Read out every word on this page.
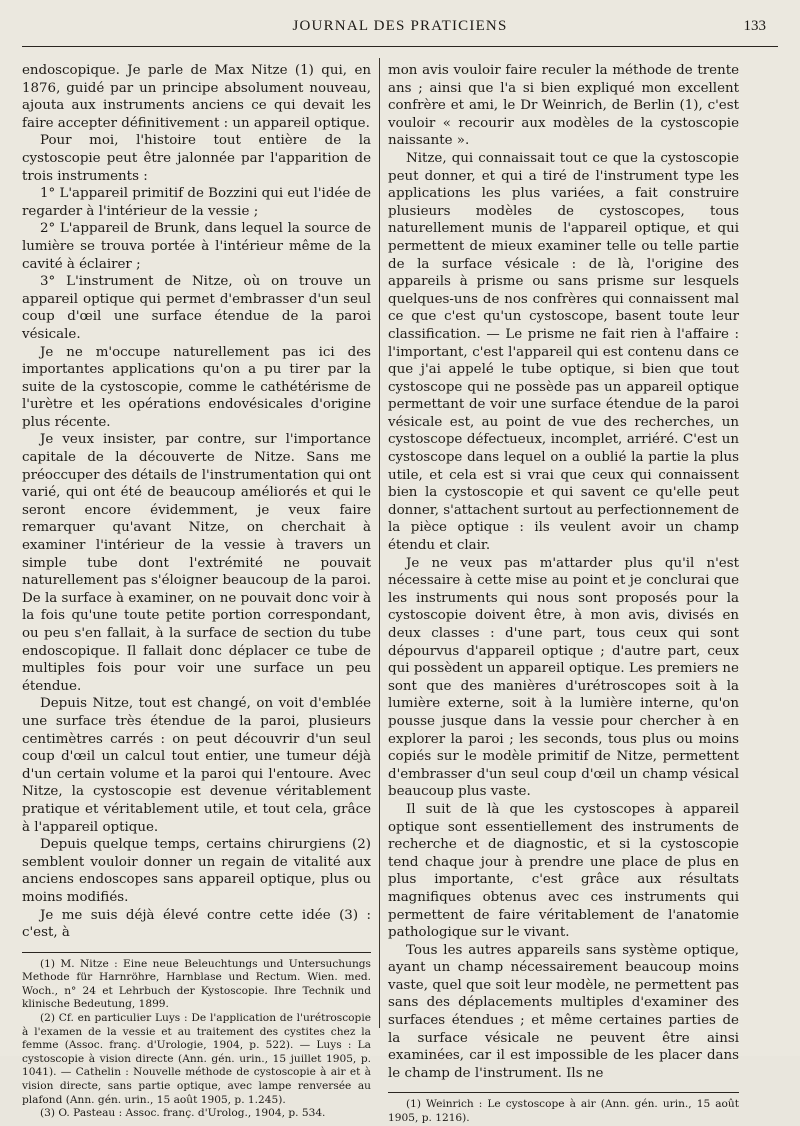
JOURNAL DES PRATICIENS	133

endoscopique. Je parle de Max Nitze (1) qui, en 1876, guidé par un principe absolument nouveau, ajouta aux instruments anciens ce qui devait les faire accepter définitivement : un appareil optique.

Pour moi, l'histoire tout entière de la cystoscopie peut être jalonnée par l'apparition de trois instruments :

1° L'appareil primitif de Bozzini qui eut l'idée de regarder à l'intérieur de la vessie ;

2° L'appareil de Brunk, dans lequel la source de lumière se trouva portée à l'intérieur même de la cavité à éclairer ;

3° L'instrument de Nitze, où on trouve un appareil optique qui permet d'embrasser d'un seul coup d'œil une surface étendue de la paroi vésicale.

Je ne m'occupe naturellement pas ici des importantes applications qu'on a pu tirer par la suite de la cystoscopie, comme le cathétérisme de l'urètre et les opérations endovésicales d'origine plus récente.

Je veux insister, par contre, sur l'importance capitale de la découverte de Nitze. Sans me préoccuper des détails de l'instrumentation qui ont varié, qui ont été de beaucoup améliorés et qui le seront encore évidemment, je veux faire remarquer qu'avant Nitze, on cherchait à examiner l'intérieur de la vessie à travers un simple tube dont l'extrémité ne pouvait naturellement pas s'éloigner beaucoup de la paroi. De la surface à examiner, on ne pouvait donc voir à la fois qu'une toute petite portion correspondant, ou peu s'en fallait, à la surface de section du tube endoscopique. Il fallait donc déplacer ce tube de multiples fois pour voir une surface un peu étendue.

Depuis Nitze, tout est changé, on voit d'emblée une surface très étendue de la paroi, plusieurs centimètres carrés : on peut découvrir d'un seul coup d'œil un calcul tout entier, une tumeur déjà d'un certain volume et la paroi qui l'entoure. Avec Nitze, la cystoscopie est devenue véritablement pratique et véritablement utile, et tout cela, grâce à l'appareil optique.

Depuis quelque temps, certains chirurgiens (2) semblent vouloir donner un regain de vitalité aux anciens endoscopes sans appareil optique, plus ou moins modifiés.

Je me suis déjà élevé contre cette idée (3) : c'est, à

(1) M. Nitze : Eine neue Beleuchtungs und Untersuchungs Methode für Harnröhre, Harnblase und Rectum. Wien. med. Woch., n° 24 et Lehrbuch der Kystoscopie. Ihre Technik und klinische Bedeutung, 1899.

(2) Cf. en particulier Luys : De l'application de l'urétroscopie à l'examen de la vessie et au traitement des cystites chez la femme (Assoc. franç. d'Urologie, 1904, p. 522). — Luys : La cystoscopie à vision directe (Ann. gén. urin., 15 juillet 1905, p. 1041). — Cathelin : Nouvelle méthode de cystoscopie à air et à vision directe, sans partie optique, avec lampe renversée au plafond (Ann. gén. urin., 15 août 1905, p. 1.245).

(3) O. Pasteau : Assoc. franç. d'Urolog., 1904, p. 534.

mon avis vouloir faire reculer la méthode de trente ans ; ainsi que l'a si bien expliqué mon excellent confrère et ami, le Dr Weinrich, de Berlin (1), c'est vouloir « recourir aux modèles de la cystoscopie naissante ».

Nitze, qui connaissait tout ce que la cystoscopie peut donner, et qui a tiré de l'instrument type les applications les plus variées, a fait construire plusieurs modèles de cystoscopes, tous naturellement munis de l'appareil optique, et qui permettent de mieux examiner telle ou telle partie de la surface vésicale : de là, l'origine des appareils à prisme ou sans prisme sur lesquels quelques-uns de nos confrères qui connaissent mal ce que c'est qu'un cystoscope, basent toute leur classification. — Le prisme ne fait rien à l'affaire : l'important, c'est l'appareil qui est contenu dans ce que j'ai appelé le tube optique, si bien que tout cystoscope qui ne possède pas un appareil optique permettant de voir une surface étendue de la paroi vésicale est, au point de vue des recherches, un cystoscope défectueux, incomplet, arriéré. C'est un cystoscope dans lequel on a oublié la partie la plus utile, et cela est si vrai que ceux qui connaissent bien la cystoscopie et qui savent ce qu'elle peut donner, s'attachent surtout au perfectionnement de la pièce optique : ils veulent avoir un champ étendu et clair.

Je ne veux pas m'attarder plus qu'il n'est nécessaire à cette mise au point et je conclurai que les instruments qui nous sont proposés pour la cystoscopie doivent être, à mon avis, divisés en deux classes : d'une part, tous ceux qui sont dépourvus d'appareil optique ; d'autre part, ceux qui possèdent un appareil optique. Les premiers ne sont que des manières d'urétroscopes soit à la lumière externe, soit à la lumière interne, qu'on pousse jusque dans la vessie pour chercher à en explorer la paroi ; les seconds, tous plus ou moins copiés sur le modèle primitif de Nitze, permettent d'embrasser d'un seul coup d'œil un champ vésical beaucoup plus vaste.

Il suit de là que les cystoscopes à appareil optique sont essentiellement des instruments de recherche et de diagnostic, et si la cystoscopie tend chaque jour à prendre une place de plus en plus importante, c'est grâce aux résultats magnifiques obtenus avec ces instruments qui permettent de faire véritablement de l'anatomie pathologique sur le vivant.

Tous les autres appareils sans système optique, ayant un champ nécessairement beaucoup moins vaste, quel que soit leur modèle, ne permettent pas sans des déplacements multiples d'examiner des surfaces étendues ; et même certaines parties de la surface vésicale ne peuvent être ainsi examinées, car il est impossible de les placer dans le champ de l'instrument. Ils ne

(1) Weinrich : Le cystoscope à air (Ann. gén. urin., 15 août 1905, p. 1216).
